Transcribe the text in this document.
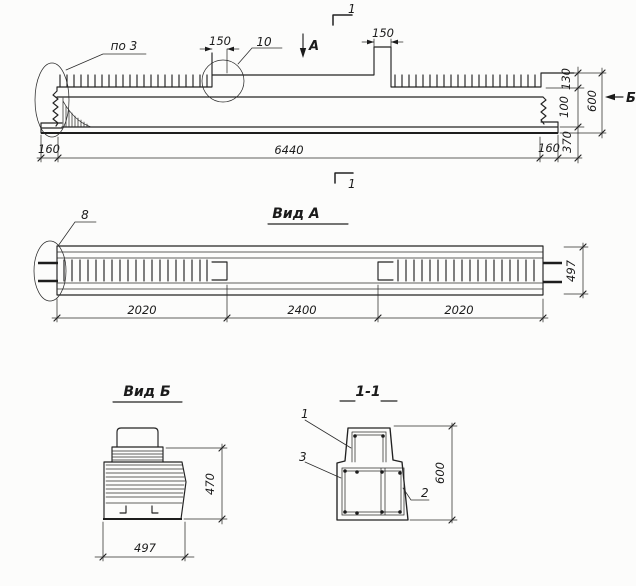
по 3	150 10	А
1
150
130
100 600
370
Б
160	6440	160
1
Вид А
8
2020	2400	2020
497
Вид Б
470
497
1-1
1
3
2
600
